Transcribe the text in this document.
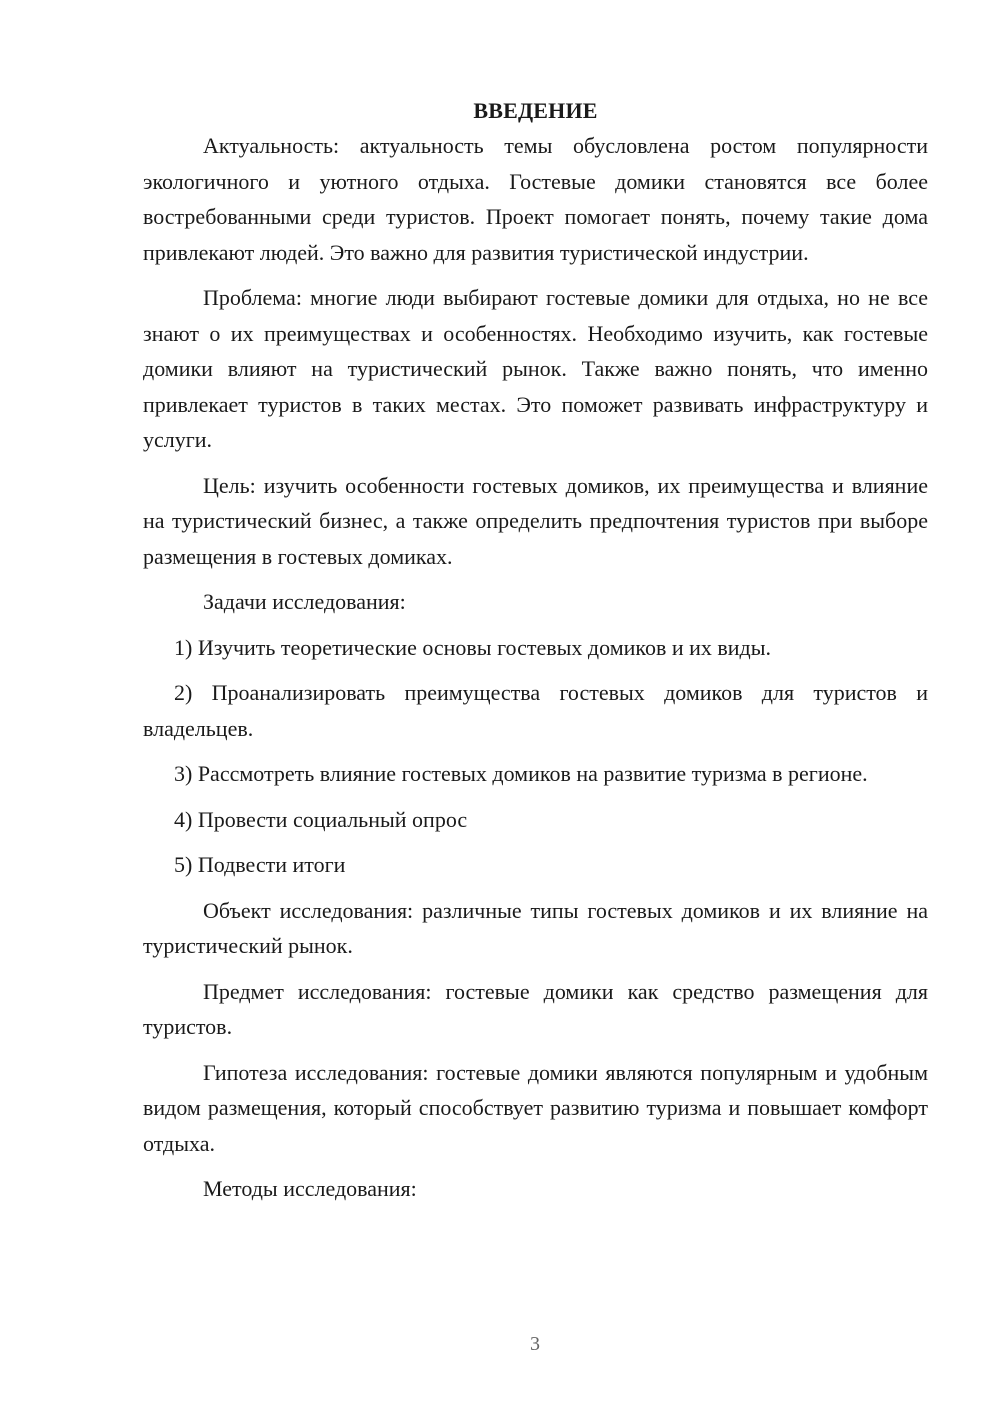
ВВЕДЕНИЕ

Актуальность: актуальность темы обусловлена ростом популярности экологичного и уютного отдыха. Гостевые домики становятся все более востребованными среди туристов. Проект помогает понять, почему такие дома привлекают людей. Это важно для развития туристической индустрии.

Проблема: многие люди выбирают гостевые домики для отдыха, но не все знают о их преимуществах и особенностях. Необходимо изучить, как гостевые домики влияют на туристический рынок. Также важно понять, что именно привлекает туристов в таких местах. Это поможет развивать инфраструктуру и услуги.

Цель: изучить особенности гостевых домиков, их преимущества и влияние на туристический бизнес, а также определить предпочтения туристов при выборе размещения в гостевых домиках.

Задачи исследования:

1) Изучить теоретические основы гостевых домиков и их виды.

2) Проанализировать преимущества гостевых домиков для туристов и владельцев.

3) Рассмотреть влияние гостевых домиков на развитие туризма в регионе.

4) Провести социальный опрос

5) Подвести итоги

Объект исследования: различные типы гостевых домиков и их влияние на туристический рынок.

Предмет исследования: гостевые домики как средство размещения для туристов.

Гипотеза исследования: гостевые домики являются популярным и удобным видом размещения, который способствует развитию туризма и повышает комфорт отдыха.

Методы исследования:

3
